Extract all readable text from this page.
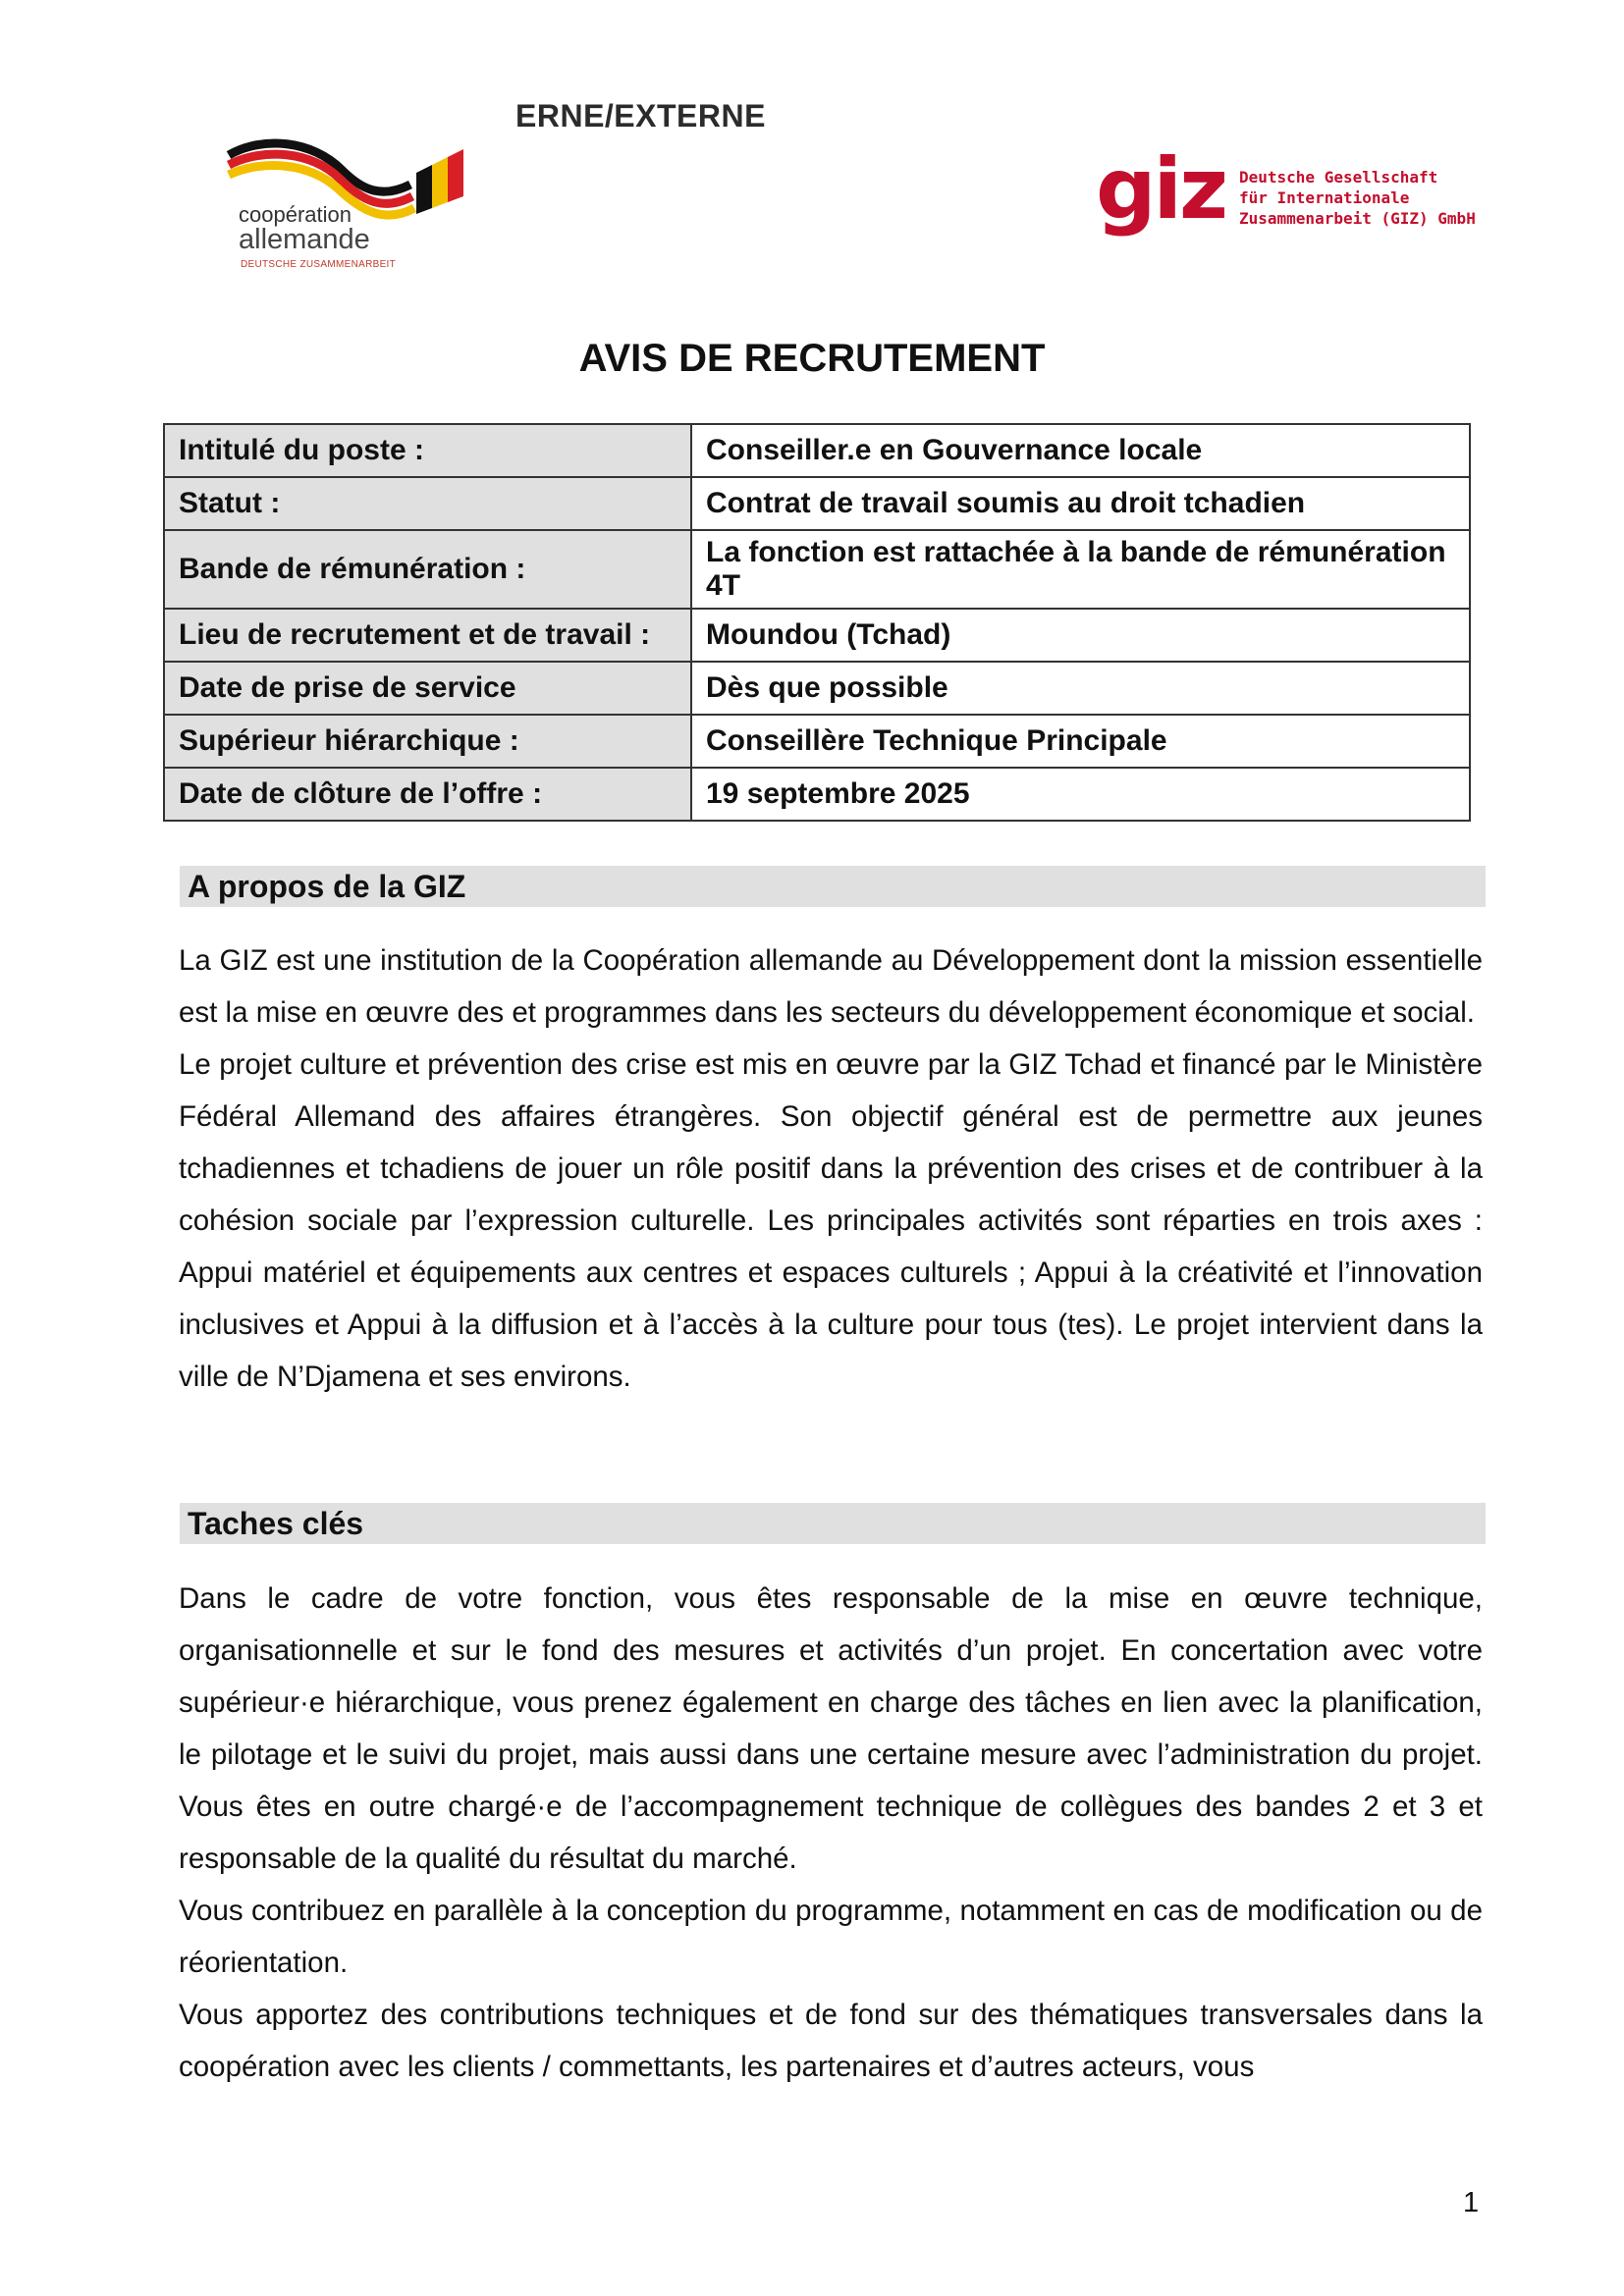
ERNE/EXTERNE
coopération
allemande
DEUTSCHE ZUSAMMENARBEIT
giz Deutsche Gesellschaft
für Internationale
Zusammenarbeit (GIZ) GmbH
AVIS DE RECRUTEMENT
Intitulé du poste :	Conseiller.e en Gouvernance locale
Statut :	Contrat de travail soumis au droit tchadien
Bande de rémunération :	La fonction est rattachée à la bande de rémunération 4T
Lieu de recrutement et de travail :	Moundou (Tchad)
Date de prise de service	Dès que possible
Supérieur hiérarchique :	Conseillère Technique Principale
Date de clôture de l’offre :	19 septembre 2025
A propos de la GIZ

La GIZ est une institution de la Coopération allemande au Développement dont la mission essentielle est la mise en œuvre des et programmes dans les secteurs du développement économique et social.

Le projet culture et prévention des crise est mis en œuvre par la GIZ Tchad et financé par le Ministère Fédéral Allemand des affaires étrangères. Son objectif général est de permettre aux jeunes tchadiennes et tchadiens de jouer un rôle positif dans la prévention des crises et de contribuer à la cohésion sociale par l’expression culturelle. Les principales activités sont réparties en trois axes : Appui matériel et équipements aux centres et espaces culturels ; Appui à la créativité et l’innovation inclusives et Appui à la diffusion et à l’accès à la culture pour tous (tes). Le projet intervient dans la ville de N’Djamena et ses environs.

Taches clés

Dans le cadre de votre fonction, vous êtes responsable de la mise en œuvre technique, organisationnelle et sur le fond des mesures et activités d’un projet. En concertation avec votre supérieur·e hiérarchique, vous prenez également en charge des tâches en lien avec la planification, le pilotage et le suivi du projet, mais aussi dans une certaine mesure avec l’administration du projet. Vous êtes en outre chargé·e de l’accompagnement technique de collègues des bandes 2 et 3 et responsable de la qualité du résultat du marché.

Vous contribuez en parallèle à la conception du programme, notamment en cas de modification ou de réorientation.

Vous apportez des contributions techniques et de fond sur des thématiques transversales dans la coopération avec les clients / commettants, les partenaires et d’autres acteurs, vous

1
